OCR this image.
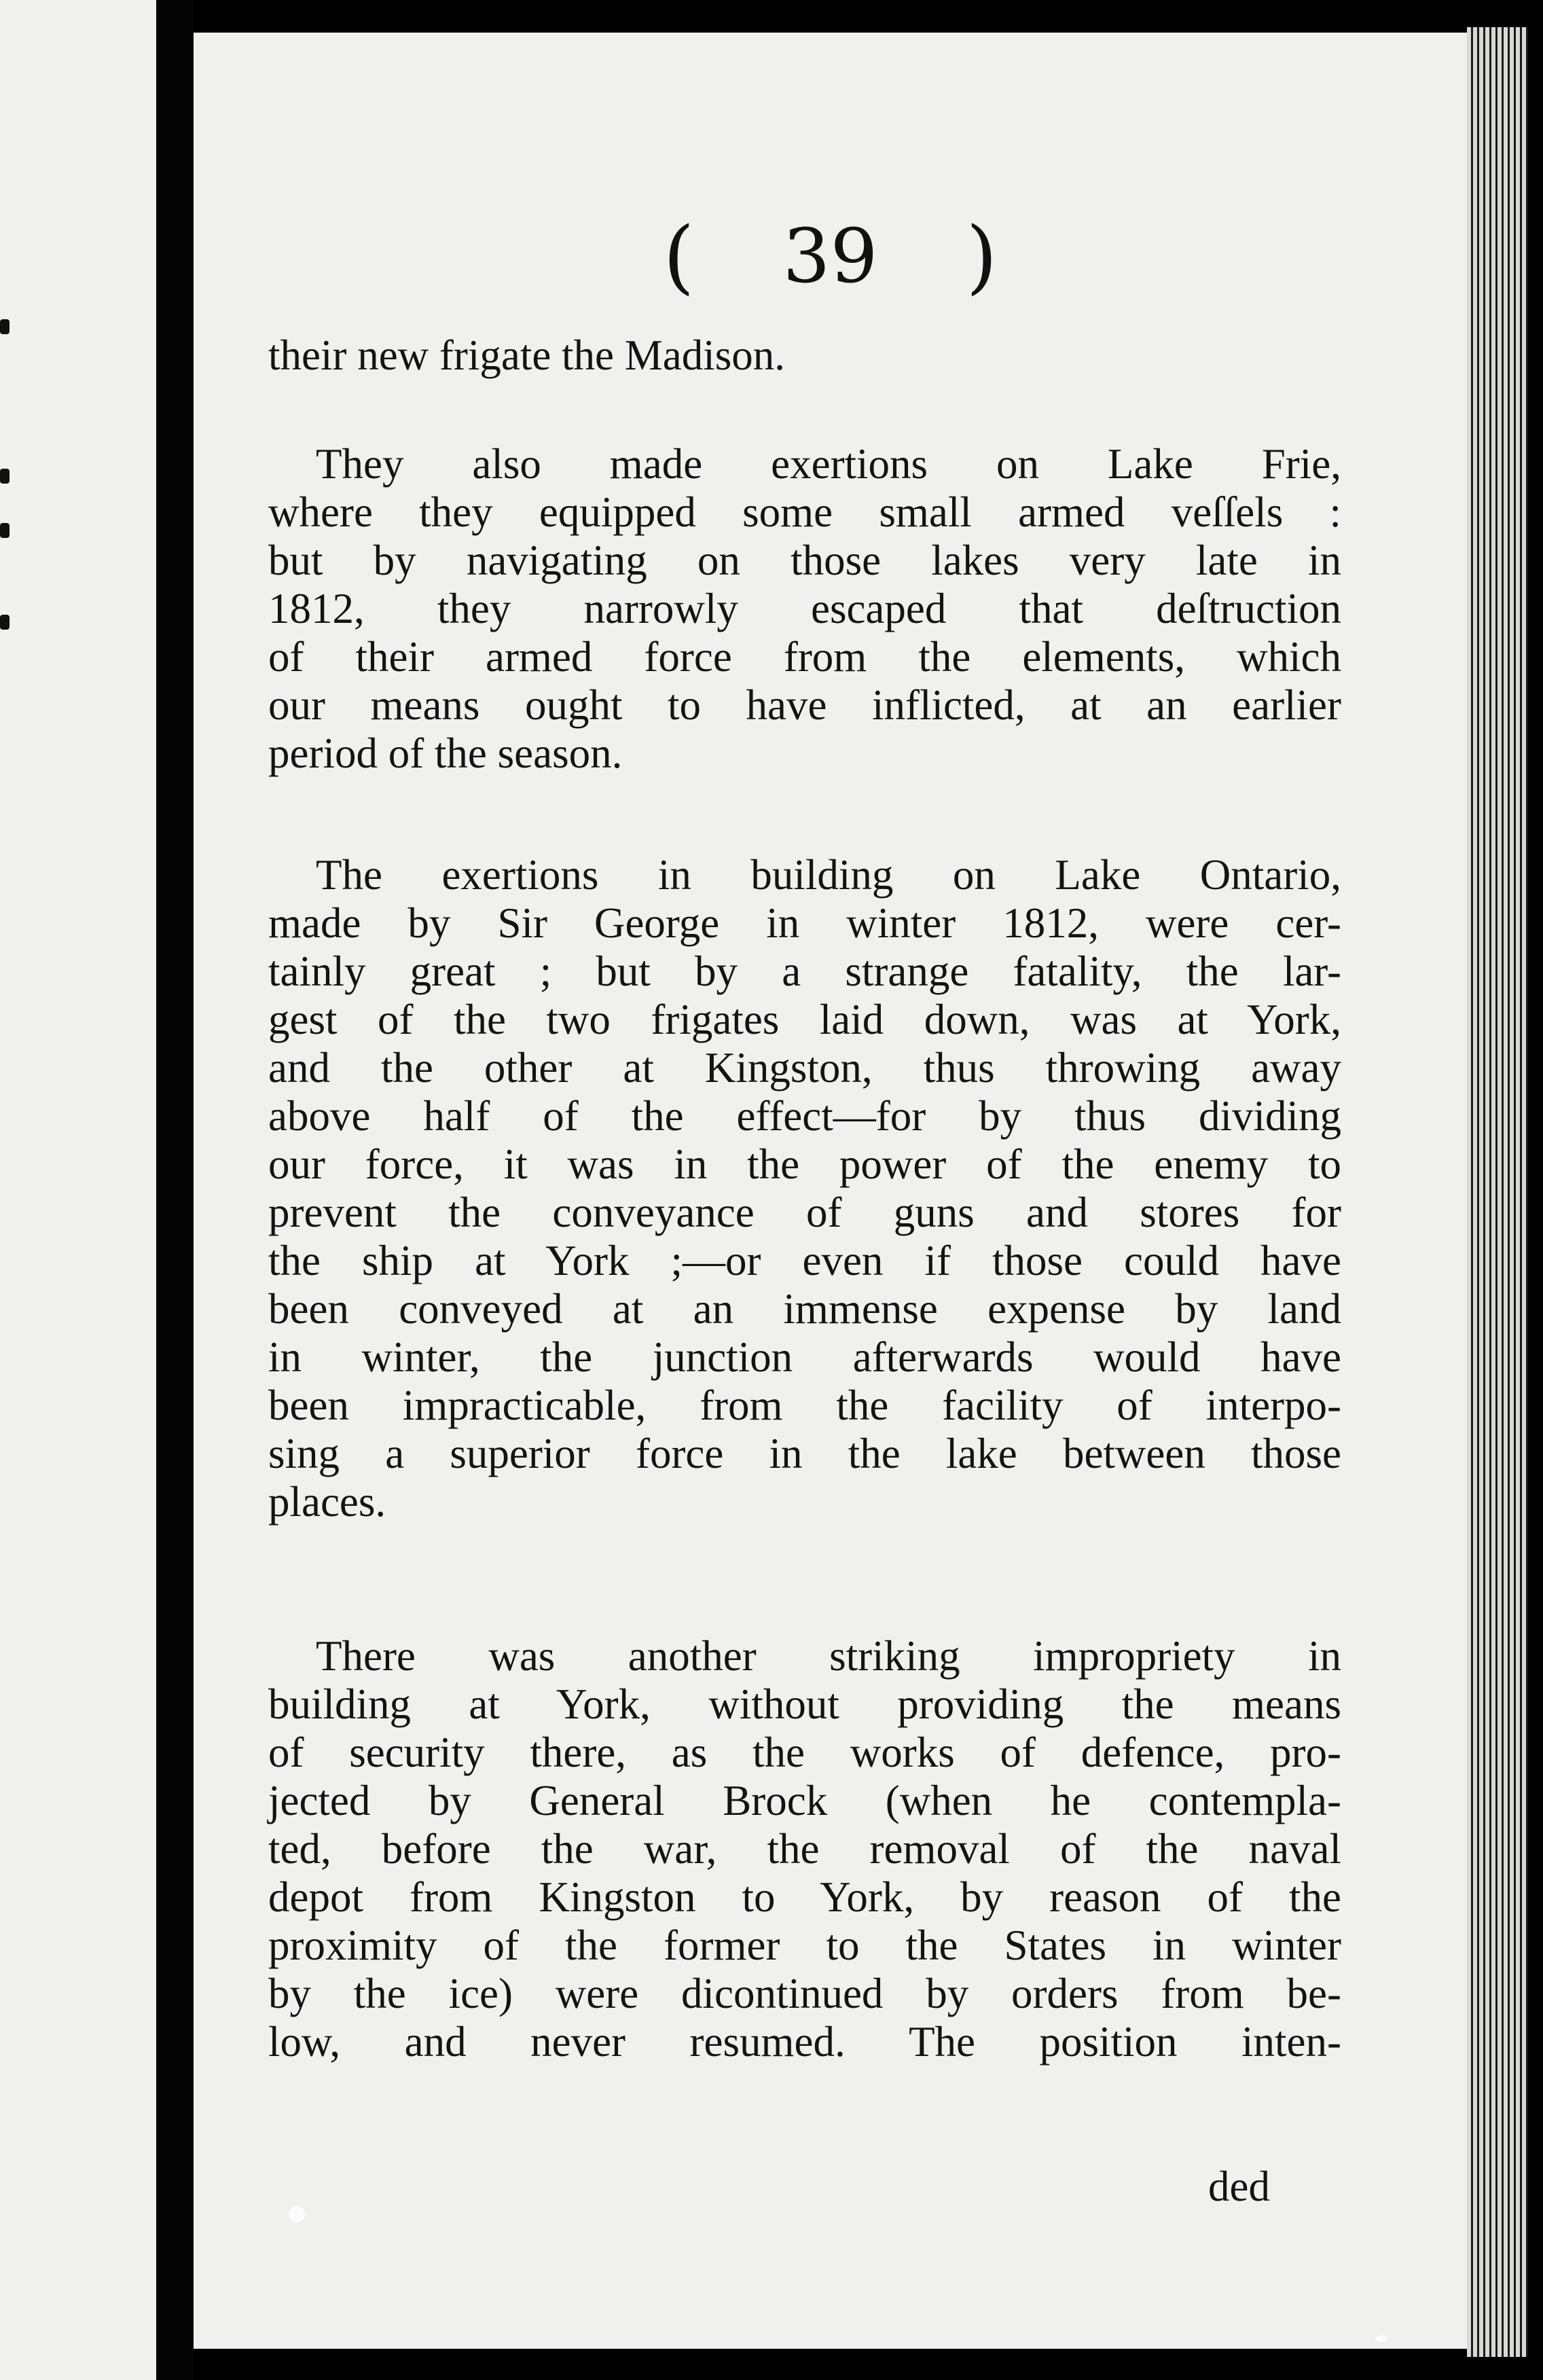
( 39 )
their new frigate the Madison.
They also made exertions on Lake Frie,
where they equipped some small armed veſſels :
but by navigating on those lakes very late in
1812, they narrowly escaped that deſtruction
of their armed force from the elements, which
our means ought to have inflicted, at an earlier
period of the season.
The exertions in building on Lake Ontario,
made by Sir George in winter 1812, were cer-
tainly great ; but by a strange fatality, the lar-
gest of the two frigates laid down, was at York,
and the other at Kingston, thus throwing away
above half of the effect—for by thus dividing
our force, it was in the power of the enemy to
prevent the conveyance of guns and stores for
the ship at York ;—or even if those could have
been conveyed at an immense expense by land
in winter, the junction afterwards would have
been impracticable, from the facility of interpo-
sing a superior force in the lake between those
places.
There was another striking impropriety in
building at York, without providing the means
of security there, as the works of defence, pro-
jected by General Brock (when he contempla-
ted, before the war, the removal of the naval
depot from Kingston to York, by reason of the
proximity of the former to the States in winter
by the ice) were dicontinued by orders from be-
low, and never resumed. The position inten-
ded
